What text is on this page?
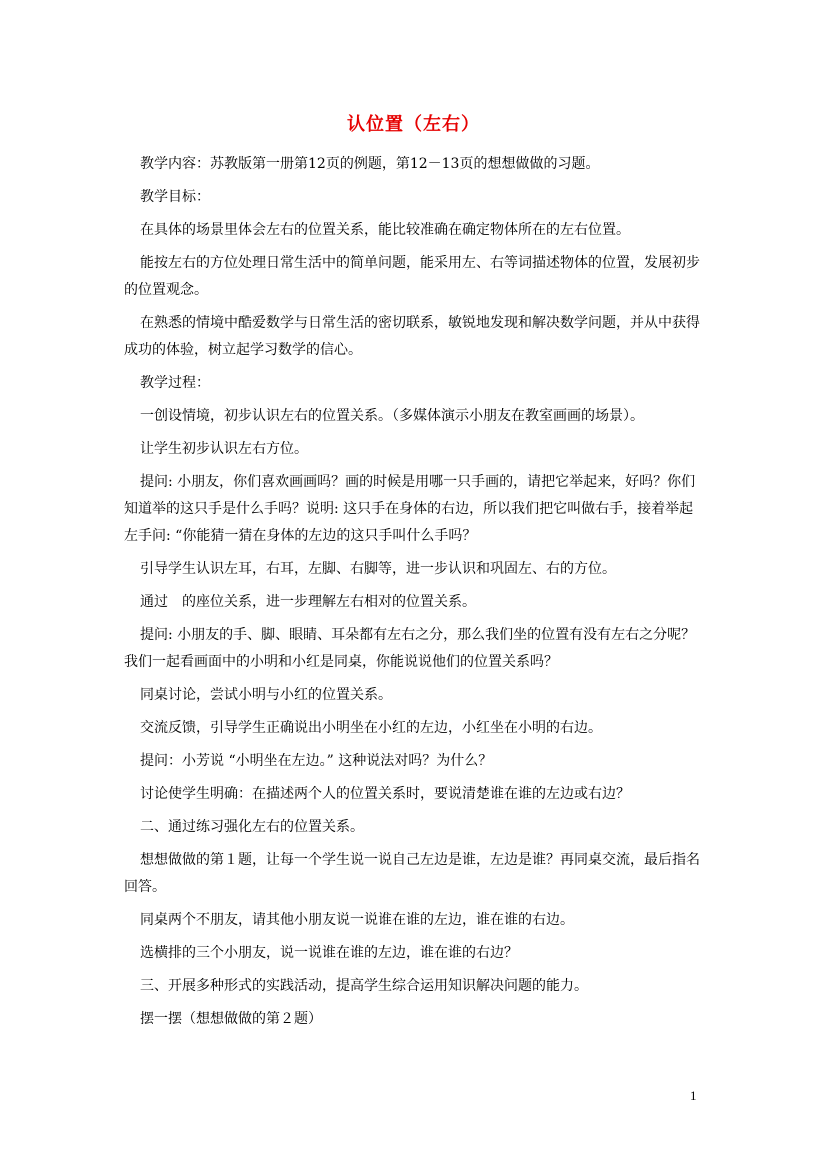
认位置（左右）

教学内容：苏教版第一册第12页的例题，第12－13页的想想做做的习题。

教学目标：

在具体的场景里体会左右的位置关系，能比较准确在确定物体所在的左右位置。

能按左右的方位处理日常生活中的简单问题，能采用左、右等词描述物体的位置，发展初步的位置观念。

在熟悉的情境中酷爱数学与日常生活的密切联系，敏锐地发现和解决数学问题，并从中获得成功的体验，树立起学习数学的信心。

教学过程：

一创设情境，初步认识左右的位置关系。（多媒体演示小朋友在教室画画的场景）。

让学生初步认识左右方位。

提问: 小朋友，你们喜欢画画吗？画的时候是用哪一只手画的，请把它举起来，好吗？你们知道举的这只手是什么手吗？说明: 这只手在身体的右边，所以我们把它叫做右手，接着举起左手问: “你能猜一猜在身体的左边的这只手叫什么手吗？

引导学生认识左耳，右耳，左脚、右脚等，进一步认识和巩固左、右的方位。

通过　的座位关系，进一步理解左右相对的位置关系。

提问: 小朋友的手、脚、眼睛、耳朵都有左右之分，那么我们坐的位置有没有左右之分呢？我们一起看画面中的小明和小红是同桌，你能说说他们的位置关系吗？

同桌讨论，尝试小明与小红的位置关系。

交流反馈，引导学生正确说出小明坐在小红的左边，小红坐在小明的右边。

提问：小芳说 “小明坐在左边。” 这种说法对吗？为什么？

讨论使学生明确：在描述两个人的位置关系时，要说清楚谁在谁的左边或右边？

二、通过练习强化左右的位置关系。

想想做做的第１题，让每一个学生说一说自己左边是谁，左边是谁？再同桌交流，最后指名回答。

同桌两个不朋友，请其他小朋友说一说谁在谁的左边，谁在谁的右边。

选横排的三个小朋友，说一说谁在谁的左边，谁在谁的右边？

三、开展多种形式的实践活动，提高学生综合运用知识解决问题的能力。

摆一摆（想想做做的第２题）

1
